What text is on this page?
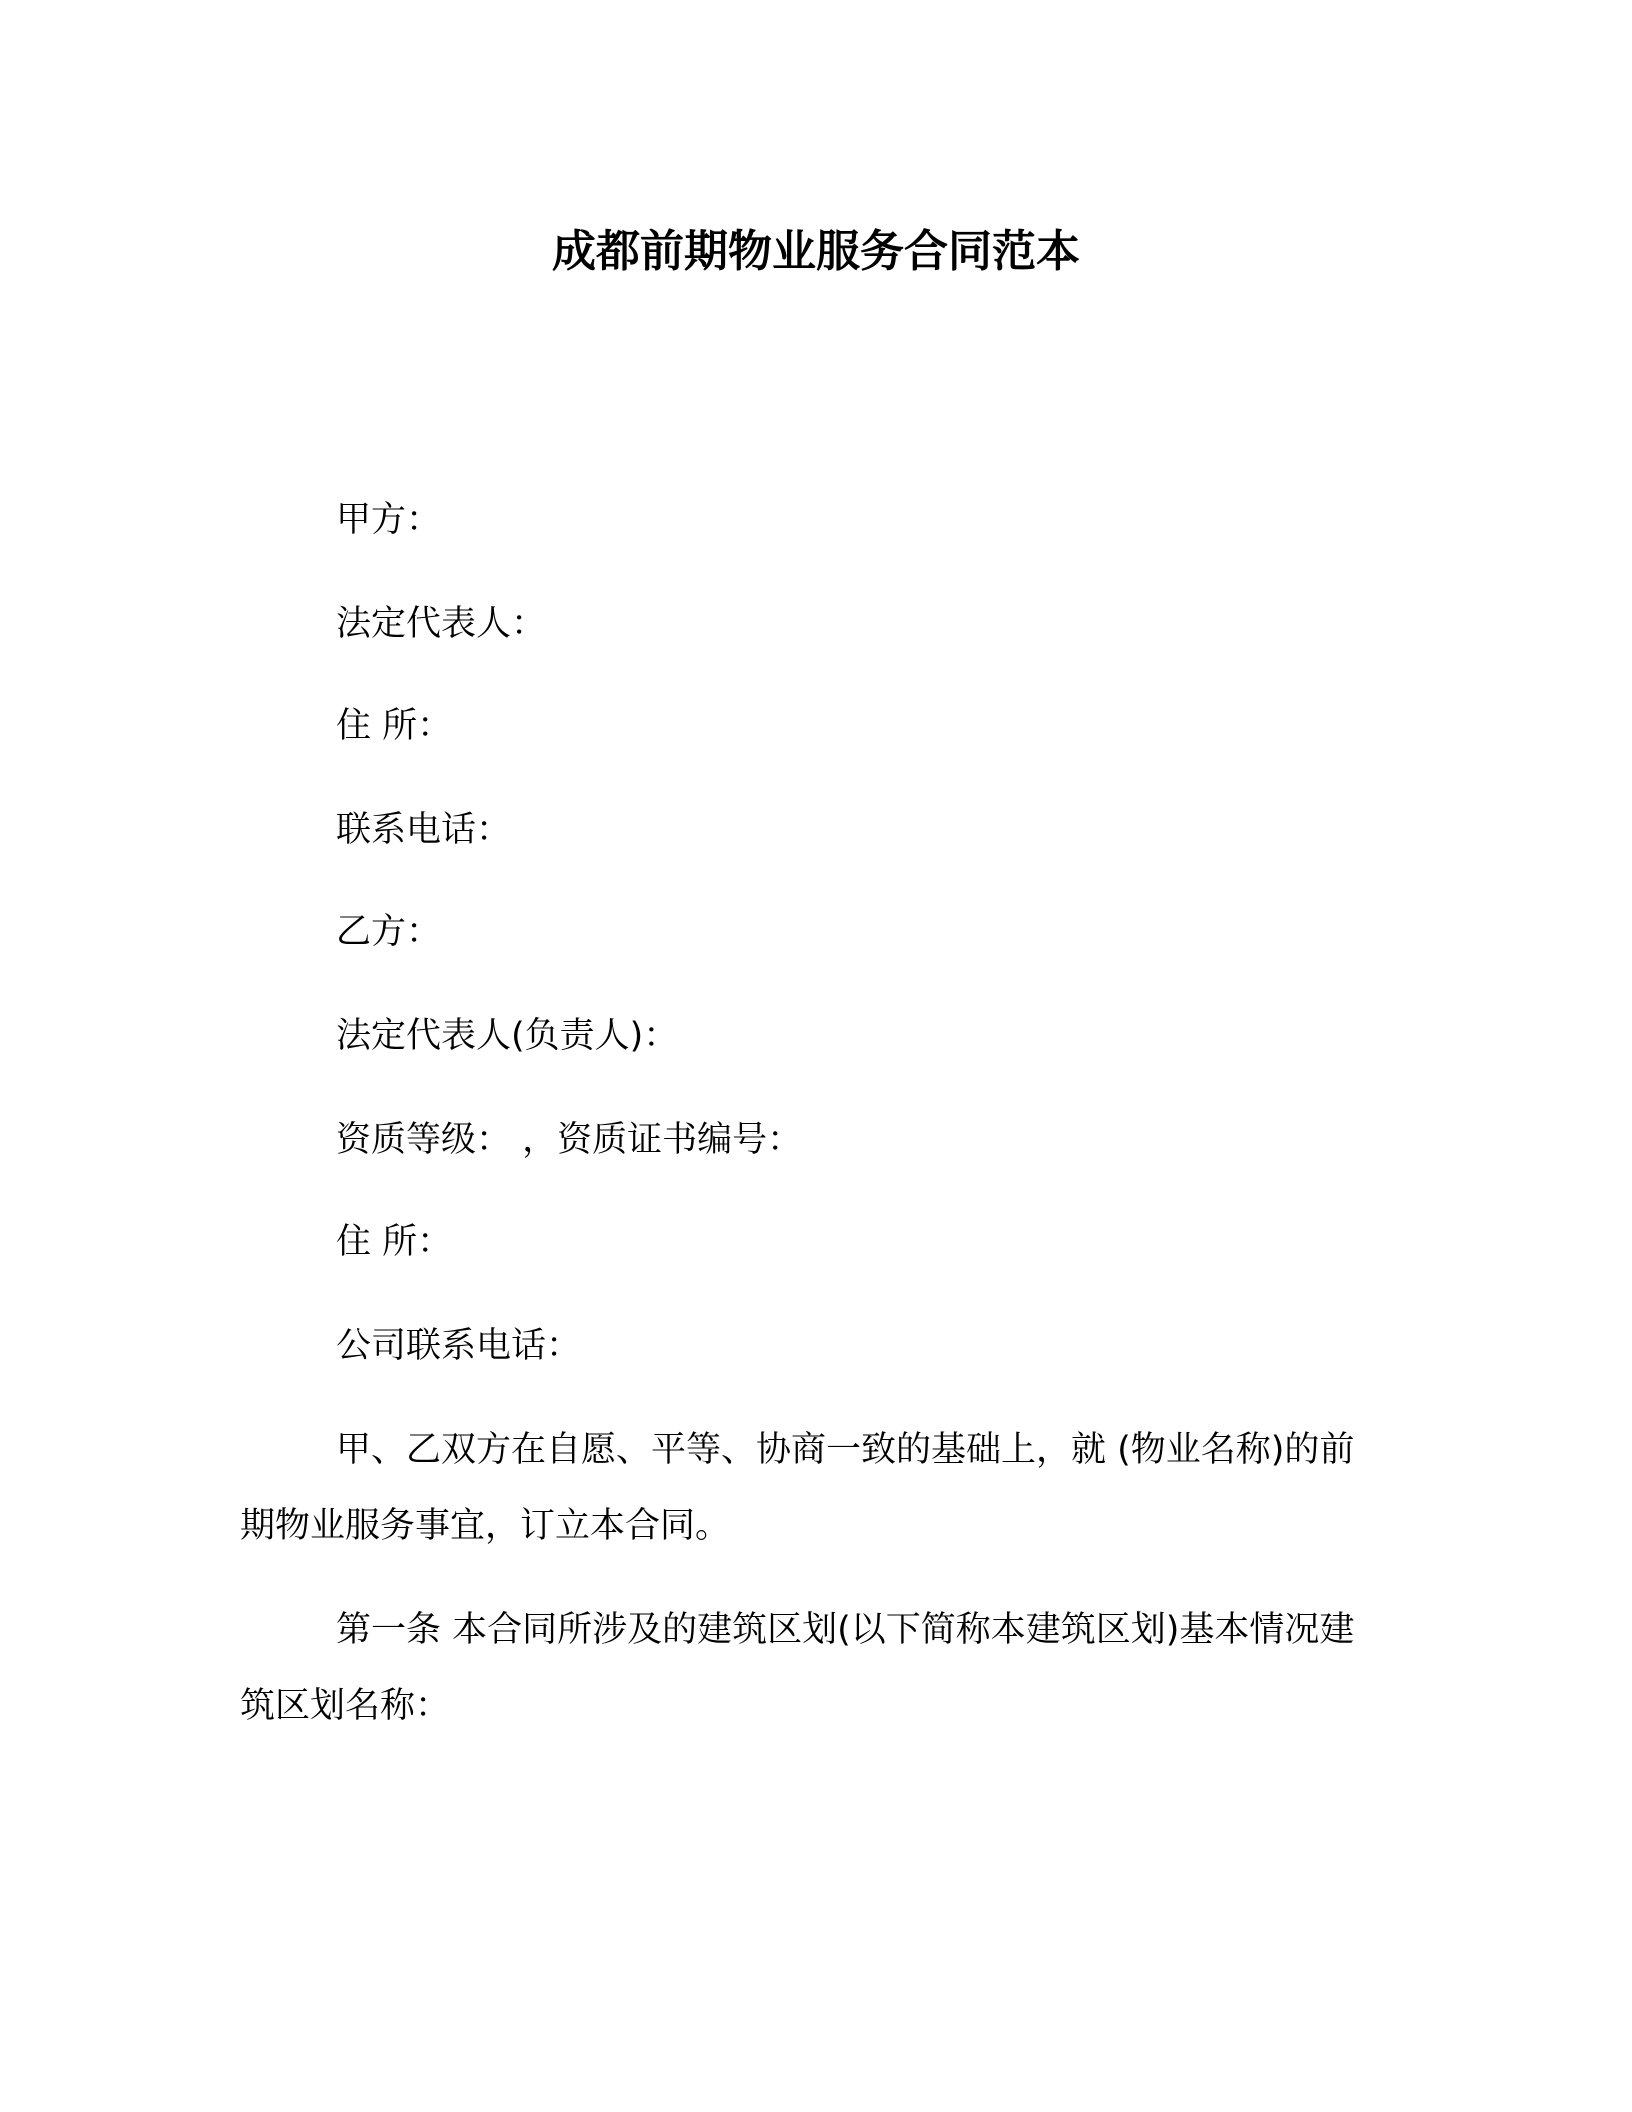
成都前期物业服务合同范本
甲方：
法定代表人：
住 所：
联系电话：
乙方：
法定代表人(负责人)：
资质等级： ，资质证书编号：
住 所：
公司联系电话：
甲、乙双方在自愿、平等、协商一致的基础上，就 (物业名称)的前期物业服务事宜，订立本合同。
第一条 本合同所涉及的建筑区划(以下简称本建筑区划)基本情况建筑区划名称：
